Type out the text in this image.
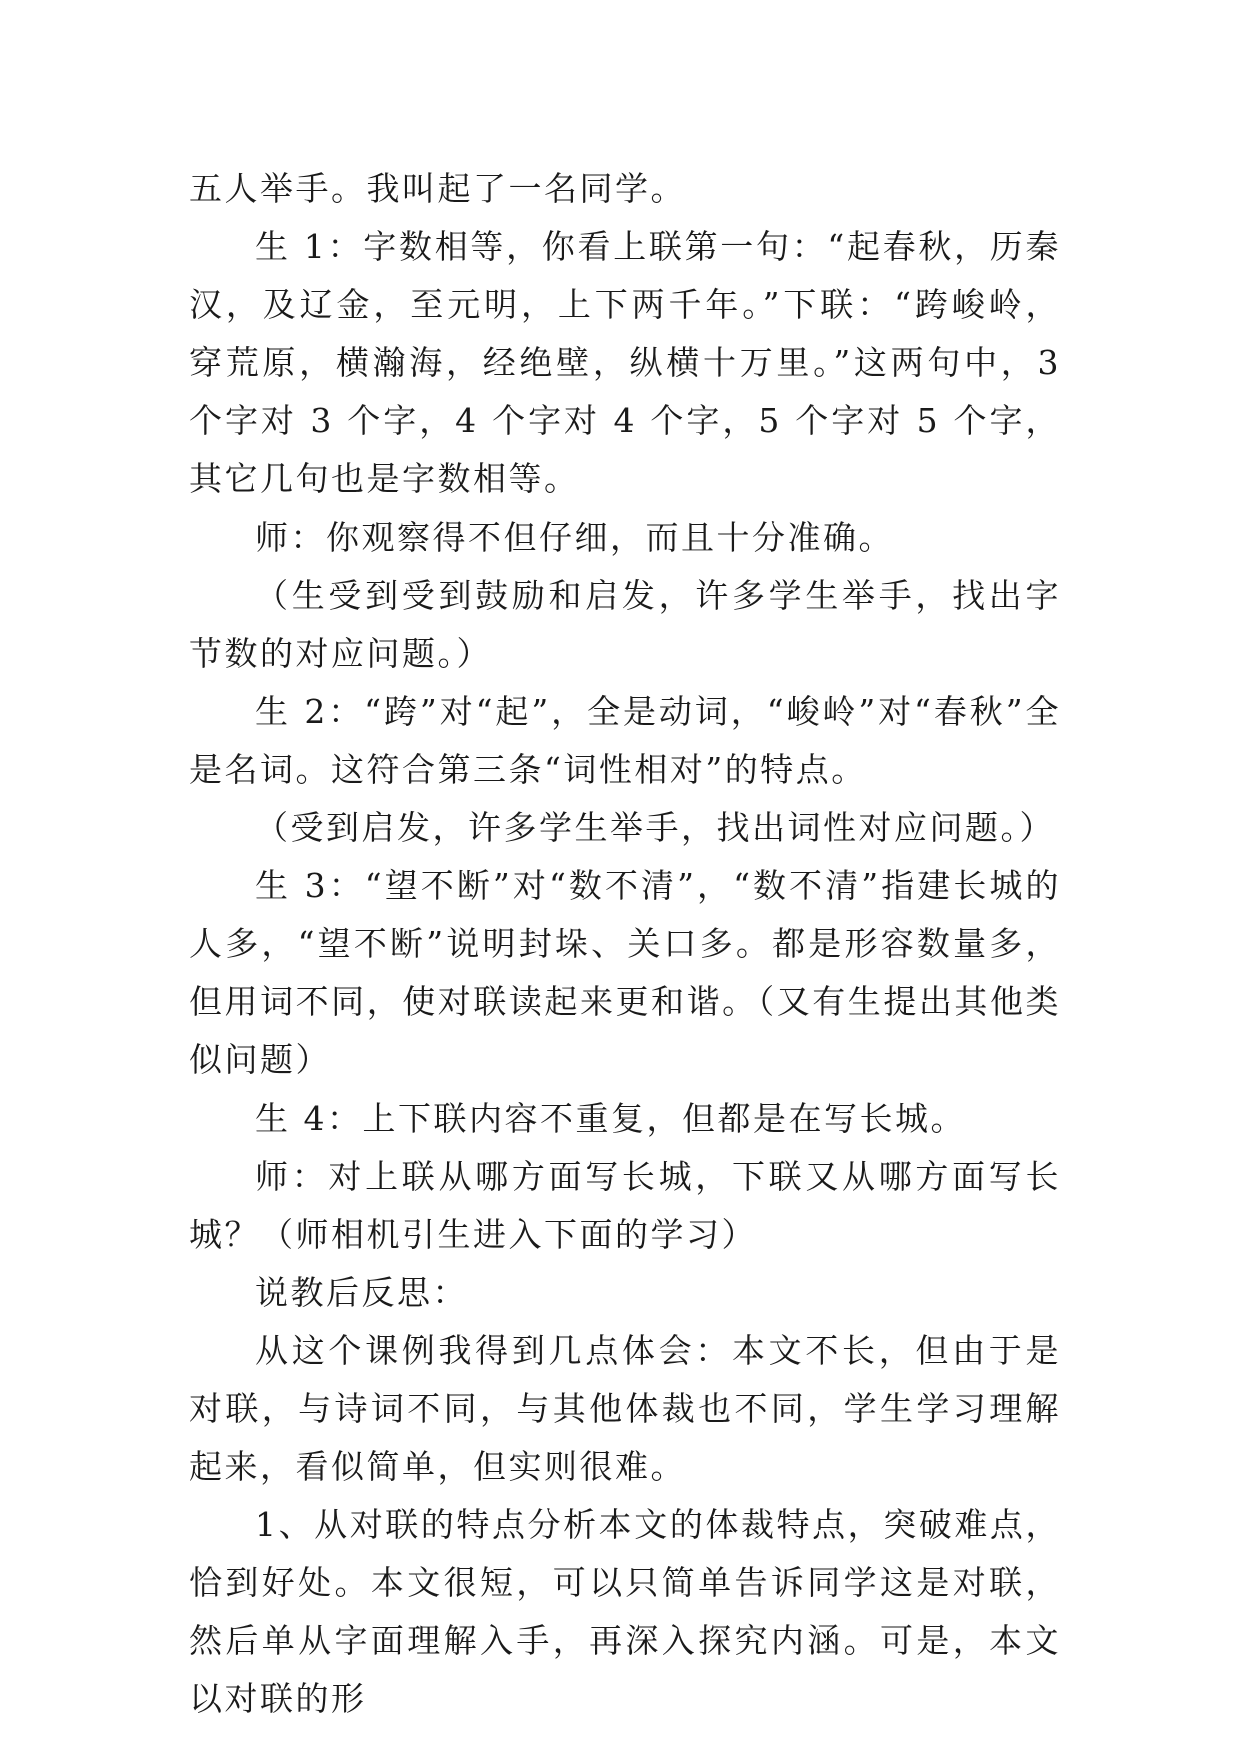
五人举手。我叫起了一名同学。

生 1：字数相等，你看上联第一句：“起春秋，历秦汉，及辽金，至元明，上下两千年。”下联：“跨峻岭，穿荒原，横瀚海，经绝壁，纵横十万里。”这两句中，3 个字对 3 个字，4 个字对 4 个字，5 个字对 5 个字，其它几句也是字数相等。

师：你观察得不但仔细，而且十分准确。

（生受到受到鼓励和启发，许多学生举手，找出字节数的对应问题。）

生 2：“跨”对“起”，全是动词，“峻岭”对“春秋”全是名词。这符合第三条“词性相对”的特点。

（受到启发，许多学生举手，找出词性对应问题。）

生 3：“望不断”对“数不清”，“数不清”指建长城的人多，“望不断”说明封垛、关口多。都是形容数量多，但用词不同，使对联读起来更和谐。（又有生提出其他类似问题）

生 4：上下联内容不重复，但都是在写长城。

师：对上联从哪方面写长城，下联又从哪方面写长城？（师相机引生进入下面的学习）

说教后反思：

从这个课例我得到几点体会：本文不长，但由于是对联，与诗词不同，与其他体裁也不同，学生学习理解起来，看似简单，但实则很难。

1、从对联的特点分析本文的体裁特点，突破难点，恰到好处。本文很短，可以只简单告诉同学这是对联，然后单从字面理解入手，再深入探究内涵。可是，本文以对联的形
